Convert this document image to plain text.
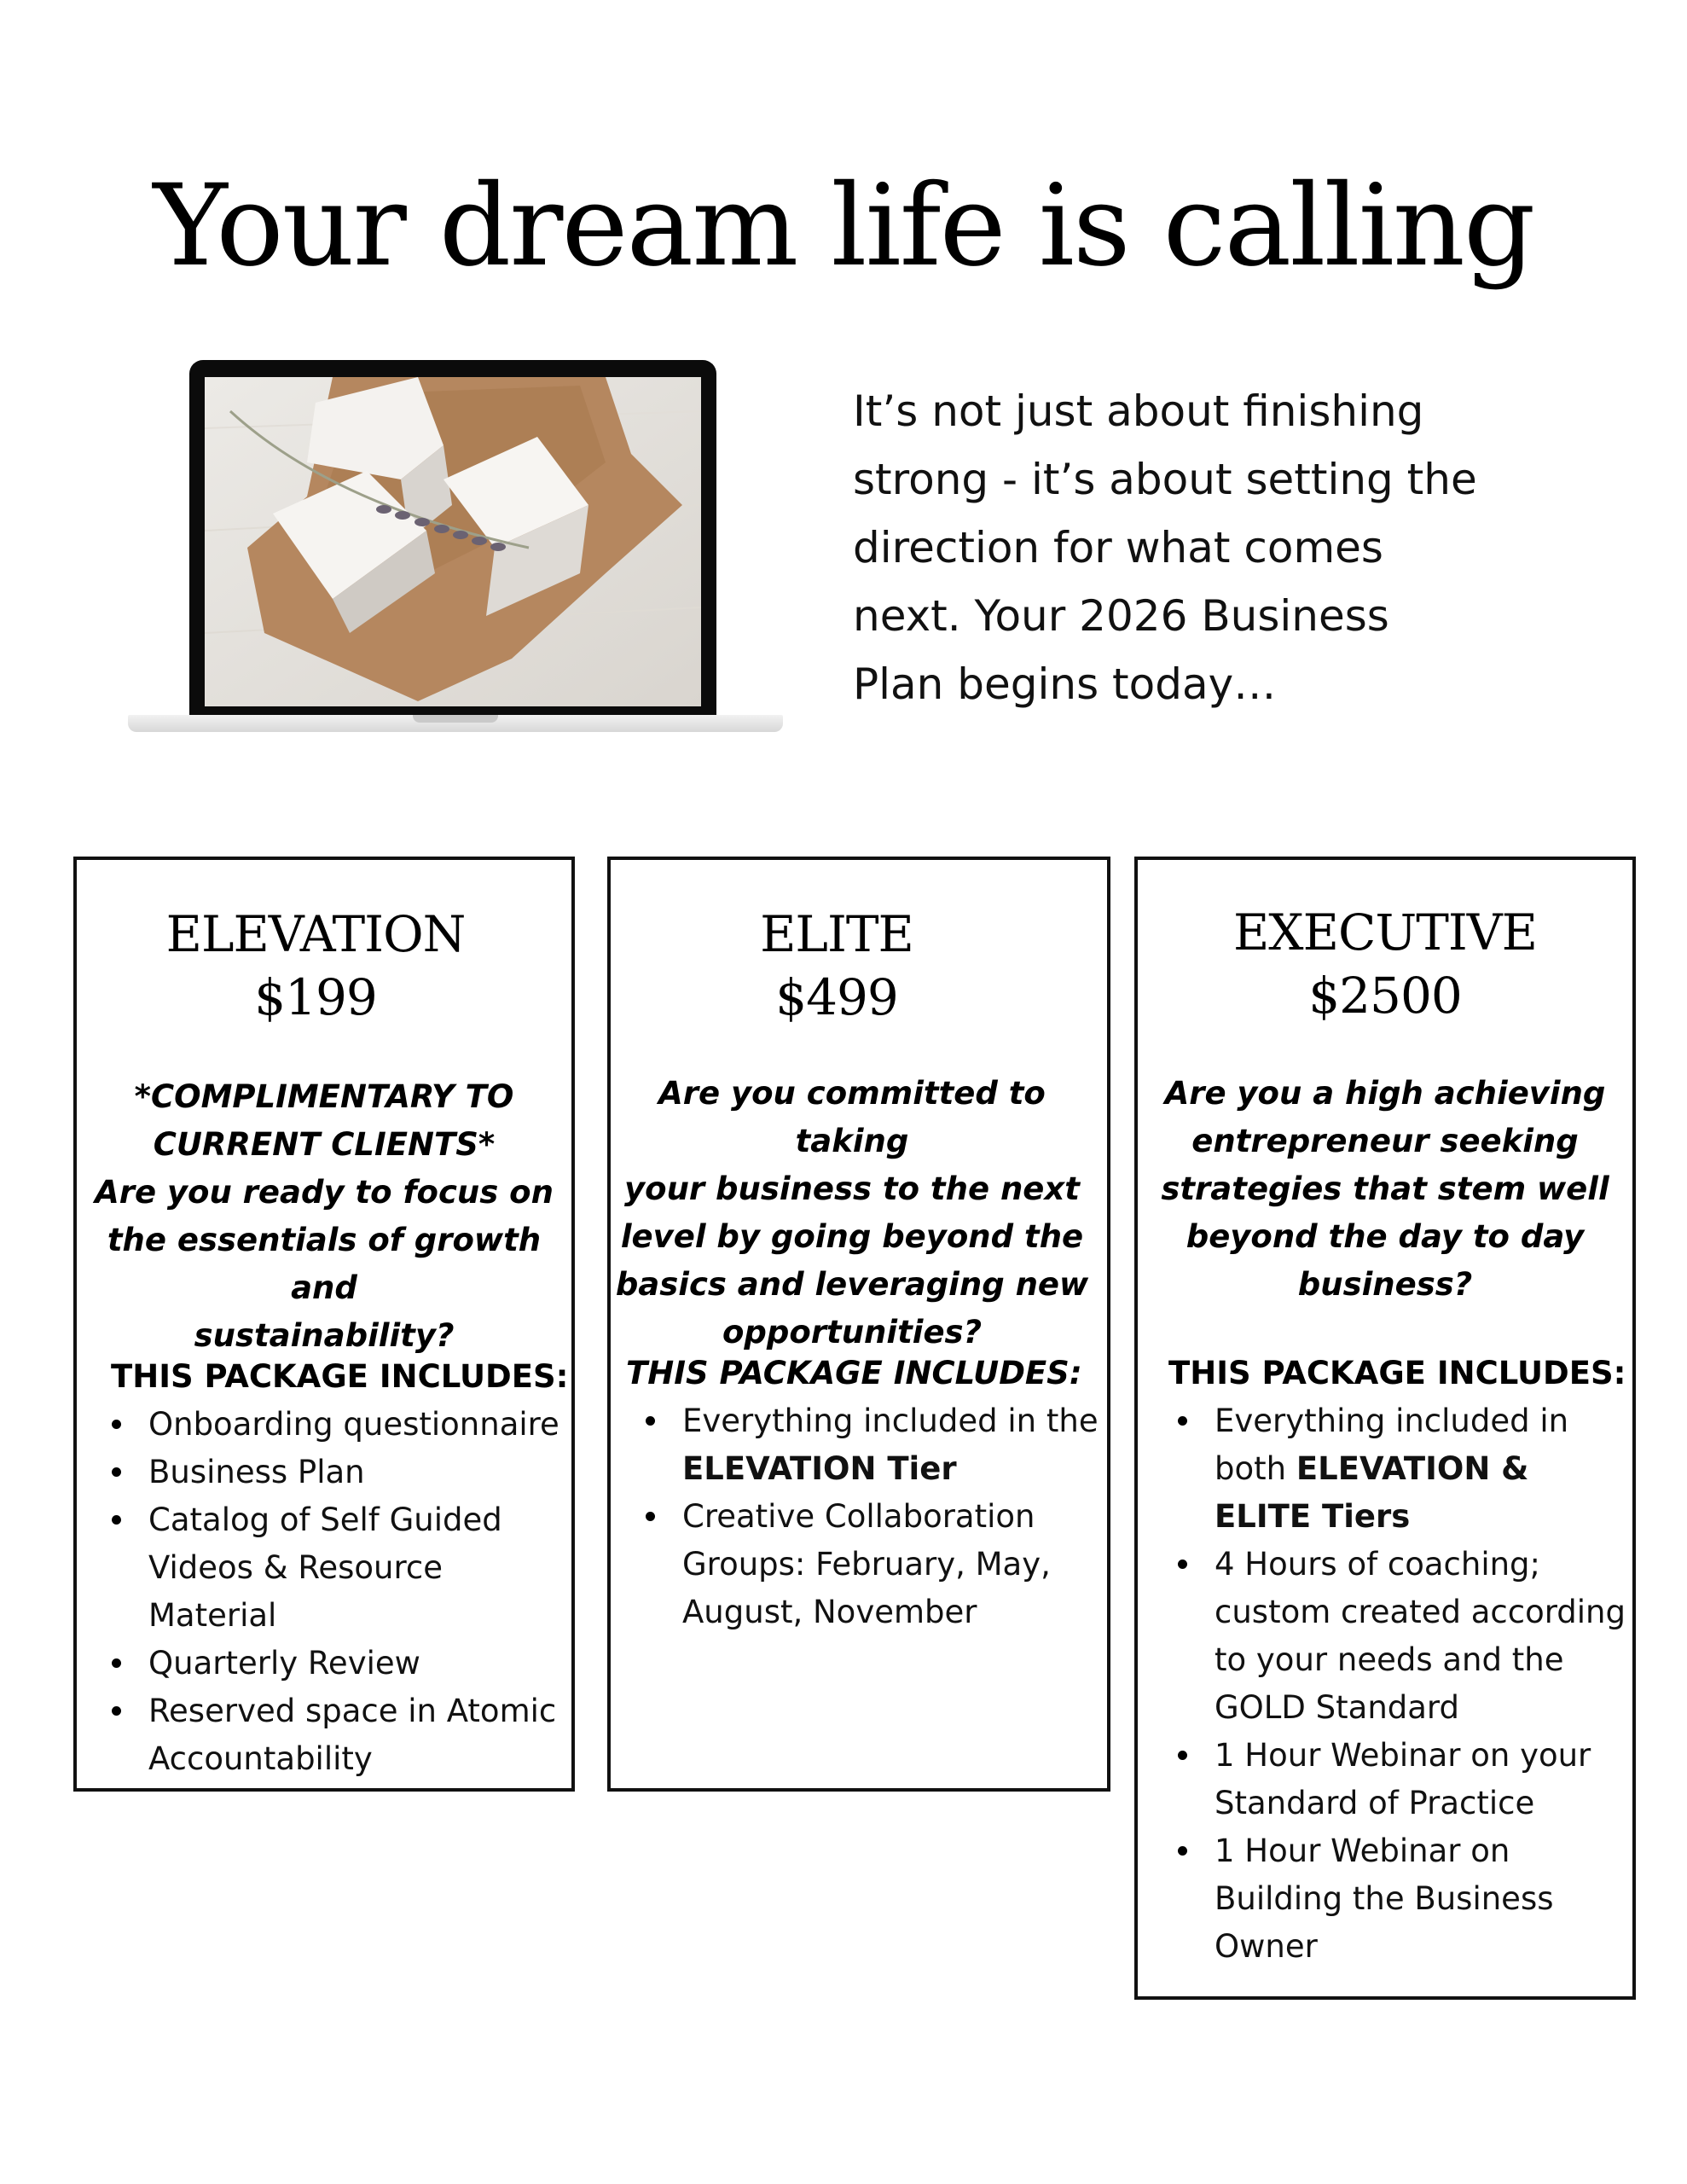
Your dream life is calling

It’s not just about finishing
strong - it’s about setting the
direction for what comes
next. Your 2026 Business
Plan begins today…

ELEVATION
$199

*COMPLIMENTARY TO
CURRENT CLIENTS*
Are you ready to focus on
the essentials of growth and
sustainability?

THIS PACKAGE INCLUDES:

Onboarding questionnaire
Business Plan
Catalog of Self Guided
Videos & Resource
Material
Quarterly Review
Reserved space in Atomic
Accountability
ELITE
$499

Are you committed to taking
your business to the next
level by going beyond the
basics and leveraging new
opportunities?

THIS PACKAGE INCLUDES:

Everything included in the
ELEVATION Tier
Creative Collaboration
Groups: February, May,
August, November
EXECUTIVE
$2500

Are you a high achieving
entrepreneur seeking
strategies that stem well
beyond the day to day
business?

THIS PACKAGE INCLUDES:

Everything included in
both ELEVATION &
ELITE Tiers
4 Hours of coaching;
custom created according
to your needs and the
GOLD Standard
1 Hour Webinar on your
Standard of Practice
1 Hour Webinar on
Building the Business
Owner
